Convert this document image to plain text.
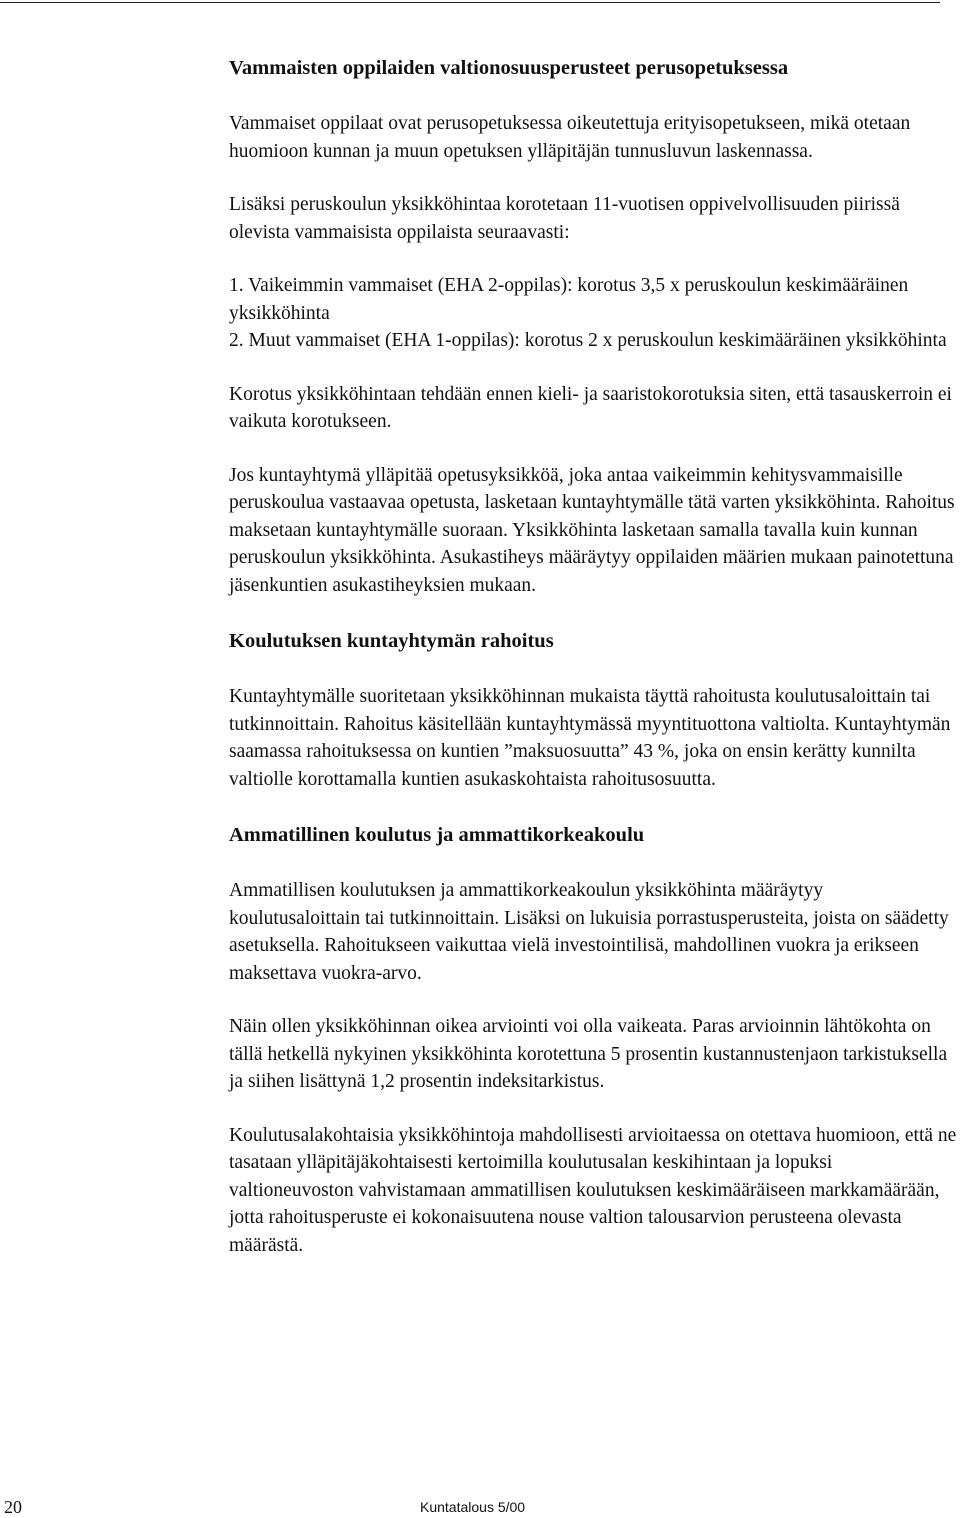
Vammaisten oppilaiden valtionosuusperusteet perusopetuksessa

Vammaiset oppilaat ovat perusopetuksessa oikeutettuja erityisopetukseen, mikä otetaan huomioon kunnan ja muun opetuksen ylläpitäjän tunnusluvun laskennassa.

Lisäksi peruskoulun yksikköhintaa korotetaan 11-vuotisen oppivelvollisuuden piirissä olevista vammaisista oppilaista seuraavasti:

1. Vaikeimmin vammaiset (EHA 2-oppilas): korotus 3,5 x peruskoulun keskimääräinen yksikköhinta

2. Muut vammaiset (EHA 1-oppilas): korotus 2 x peruskoulun keskimääräinen yksikköhinta

Korotus yksikköhintaan tehdään ennen kieli- ja saaristokorotuksia siten, että tasauskerroin ei vaikuta korotukseen.

Jos kuntayhtymä ylläpitää opetusyksikköä, joka antaa vaikeimmin kehitysvammaisille peruskoulua vastaavaa opetusta, lasketaan kuntayhtymälle tätä varten yksikköhinta. Rahoitus maksetaan kuntayhtymälle suoraan. Yksikköhinta lasketaan samalla tavalla kuin kunnan peruskoulun yksikköhinta. Asukastiheys määräytyy oppilaiden määrien mukaan painotettuna jäsenkuntien asukastiheyksien mukaan.

Koulutuksen kuntayhtymän rahoitus

Kuntayhtymälle suoritetaan yksikköhinnan mukaista täyttä rahoitusta koulutusaloittain tai tutkinnoittain. Rahoitus käsitellään kuntayhtymässä myyntituottona valtiolta. Kuntayhtymän saamassa rahoituksessa on kuntien ”maksuosuutta” 43 %, joka on ensin kerätty kunnilta valtiolle korottamalla kuntien asukaskohtaista rahoitusosuutta.

Ammatillinen koulutus ja ammattikorkeakoulu

Ammatillisen koulutuksen ja ammattikorkeakoulun yksikköhinta määräytyy koulutusaloittain tai tutkinnoittain. Lisäksi on lukuisia porrastusperusteita, joista on säädetty asetuksella. Rahoitukseen vaikuttaa vielä investointilisä, mahdollinen vuokra ja erikseen maksettava vuokra-arvo.

Näin ollen yksikköhinnan oikea arviointi voi olla vaikeata. Paras arvioinnin lähtökohta on tällä hetkellä nykyinen yksikköhinta korotettuna 5 prosentin kustannustenjaon tarkistuksella ja siihen lisättynä 1,2 prosentin indeksitarkistus.

Koulutusalakohtaisia yksikköhintoja mahdollisesti arvioitaessa on otettava huomioon, että ne tasataan ylläpitäjäkohtaisesti kertoimilla koulutusalan keskihintaan ja lopuksi valtioneuvoston vahvistamaan ammatillisen koulutuksen keskimääräiseen markkamäärään, jotta rahoitusperuste ei kokonaisuutena nouse valtion talousarvion perusteena olevasta määrästä.

20	Kuntatalous 5/00
